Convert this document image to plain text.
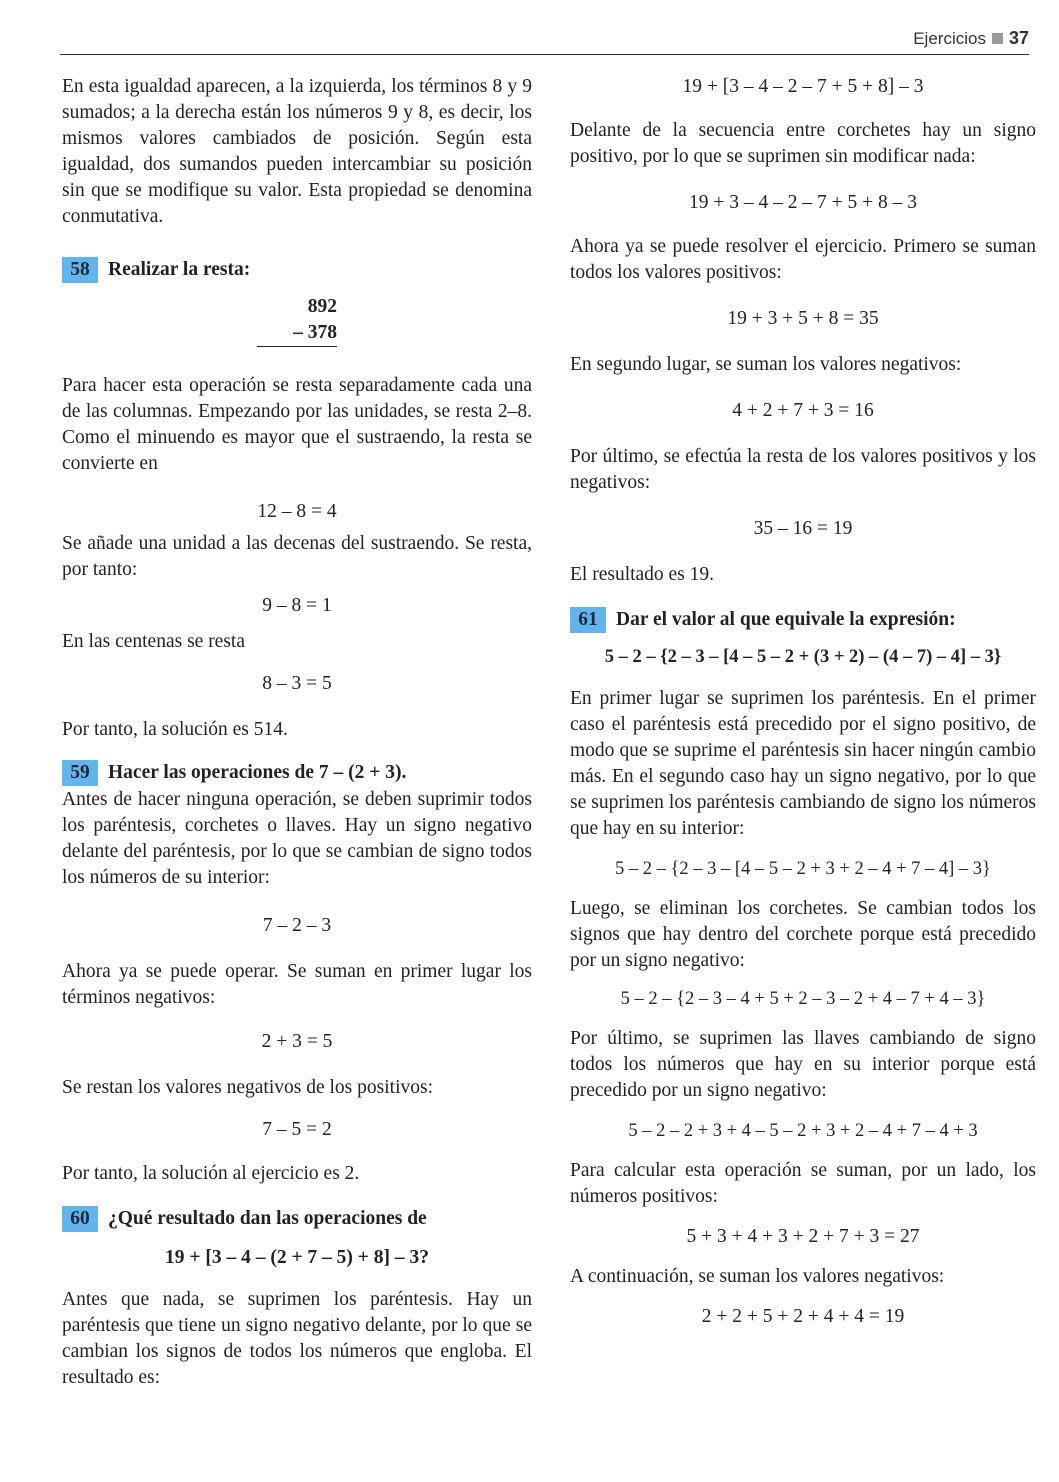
Ejercicios 37

En esta igualdad aparecen, a la izquierda, los términos 8 y 9 sumados; a la derecha están los números 9 y 8, es decir, los mismos valores cambiados de posición. Según esta igualdad, dos sumandos pueden intercambiar su posición sin que se modifique su valor. Esta propiedad se denomina conmutativa.

58 Realizar la resta:

892
– 378

Para hacer esta operación se resta separadamente cada una de las columnas. Empezando por las unidades, se resta 2–8. Como el minuendo es mayor que el sustraendo, la resta se convierte en

12 – 8 = 4

Se añade una unidad a las decenas del sustraendo. Se resta, por tanto:

9 – 8 = 1

En las centenas se resta

8 – 3 = 5

Por tanto, la solución es 514.

59 Hacer las operaciones de 7 – (2 + 3).

Antes de hacer ninguna operación, se deben suprimir todos los paréntesis, corchetes o llaves. Hay un signo negativo delante del paréntesis, por lo que se cambian de signo todos los números de su interior:

7 – 2 – 3

Ahora ya se puede operar. Se suman en primer lugar los términos negativos:

2 + 3 = 5

Se restan los valores negativos de los positivos:

7 – 5 = 2

Por tanto, la solución al ejercicio es 2.

60 ¿Qué resultado dan las operaciones de

19 + [3 – 4 – (2 + 7 – 5) + 8] – 3?

Antes que nada, se suprimen los paréntesis. Hay un paréntesis que tiene un signo negativo delante, por lo que se cambian los signos de todos los números que engloba. El resultado es:

19 + [3 – 4 – 2 – 7 + 5 + 8] – 3

Delante de la secuencia entre corchetes hay un signo positivo, por lo que se suprimen sin modificar nada:

19 + 3 – 4 – 2 – 7 + 5 + 8 – 3

Ahora ya se puede resolver el ejercicio. Primero se suman todos los valores positivos:

19 + 3 + 5 + 8 = 35

En segundo lugar, se suman los valores negativos:

4 + 2 + 7 + 3 = 16

Por último, se efectúa la resta de los valores positivos y los negativos:

35 – 16 = 19

El resultado es 19.

61 Dar el valor al que equivale la expresión:

5 – 2 – {2 – 3 – [4 – 5 – 2 + (3 + 2) – (4 – 7) – 4] – 3}

En primer lugar se suprimen los paréntesis. En el primer caso el paréntesis está precedido por el signo positivo, de modo que se suprime el paréntesis sin hacer ningún cambio más. En el segundo caso hay un signo negativo, por lo que se suprimen los paréntesis cambiando de signo los números que hay en su interior:

5 – 2 – {2 – 3 – [4 – 5 – 2 + 3 + 2 – 4 + 7 – 4] – 3}

Luego, se eliminan los corchetes. Se cambian todos los signos que hay dentro del corchete porque está precedido por un signo negativo:

5 – 2 – {2 – 3 – 4 + 5 + 2 – 3 – 2 + 4 – 7 + 4 – 3}

Por último, se suprimen las llaves cambiando de signo todos los números que hay en su interior porque está precedido por un signo negativo:

5 – 2 – 2 + 3 + 4 – 5 – 2 + 3 + 2 – 4 + 7 – 4 + 3

Para calcular esta operación se suman, por un lado, los números positivos:

5 + 3 + 4 + 3 + 2 + 7 + 3 = 27

A continuación, se suman los valores negativos:

2 + 2 + 5 + 2 + 4 + 4 = 19
